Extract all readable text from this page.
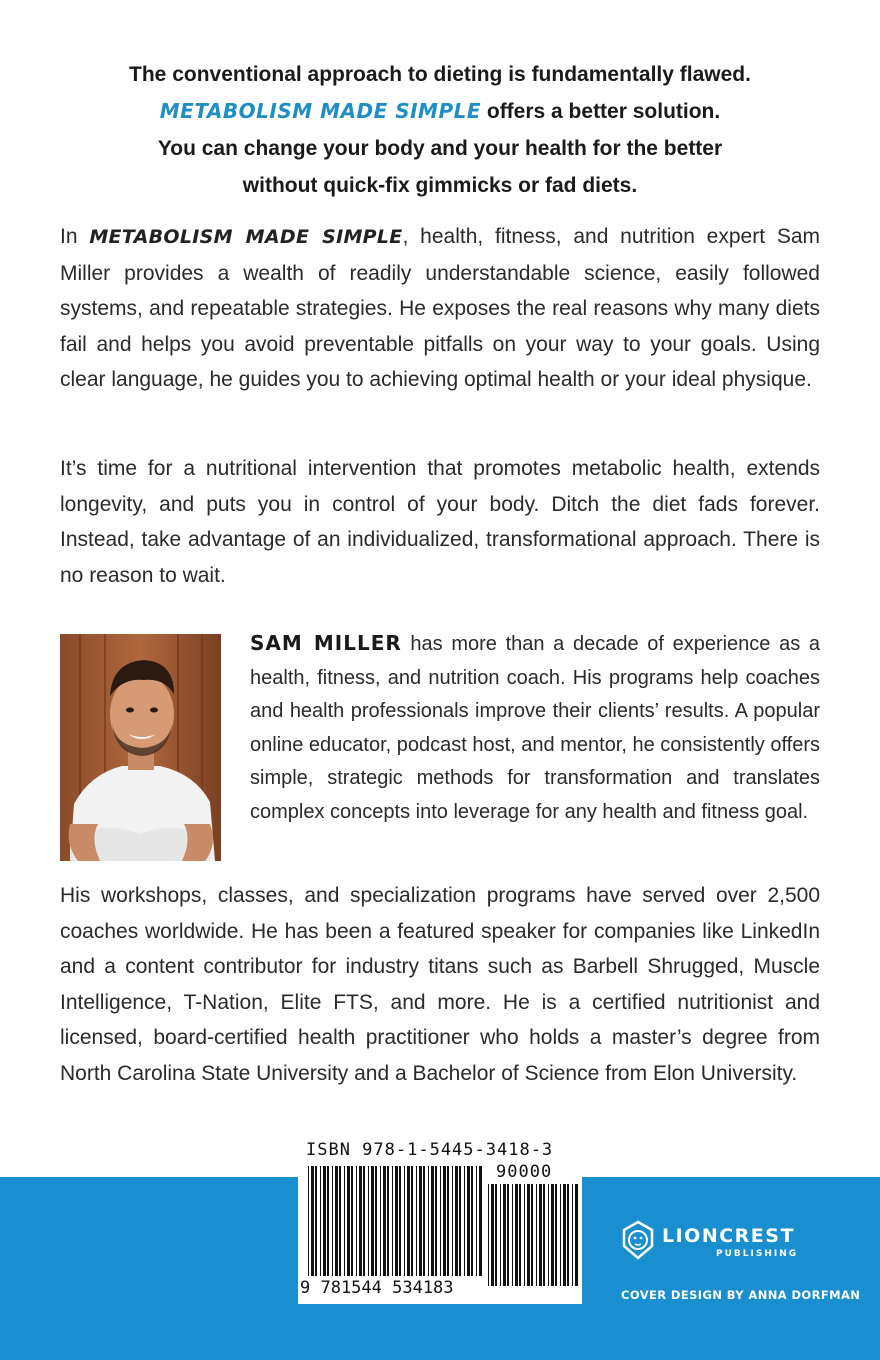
The conventional approach to dieting is fundamentally flawed.
METABOLISM MADE SIMPLE offers a better solution.
You can change your body and your health for the better
without quick-fix gimmicks or fad diets.
In METABOLISM MADE SIMPLE, health, fitness, and nutrition expert Sam Miller provides a wealth of readily understandable science, easily followed systems, and repeatable strategies. He exposes the real reasons why many diets fail and helps you avoid preventable pitfalls on your way to your goals. Using clear language, he guides you to achieving optimal health or your ideal physique.
It’s time for a nutritional intervention that promotes metabolic health, extends longevity, and puts you in control of your body. Ditch the diet fads forever. Instead, take advantage of an individualized, transformational approach. There is no reason to wait.
SAM MILLER has more than a decade of experience as a health, fitness, and nutrition coach. His programs help coaches and health professionals improve their clients’ results. A popular online educator, podcast host, and mentor, he consistently offers simple, strategic methods for transformation and translates complex concepts into leverage for any health and fitness goal.
His workshops, classes, and specialization programs have served over 2,500 coaches worldwide. He has been a featured speaker for companies like LinkedIn and a content contributor for industry titans such as Barbell Shrugged, Muscle Intelligence, T-Nation, Elite FTS, and more. He is a certified nutritionist and licensed, board-certified health practitioner who holds a master’s degree from North Carolina State University and a Bachelor of Science from Elon University.
ISBN 978-1-5445-3418-3
90000
9 781544 534183
LIONCREST
PUBLISHING
COVER DESIGN BY ANNA DORFMAN
